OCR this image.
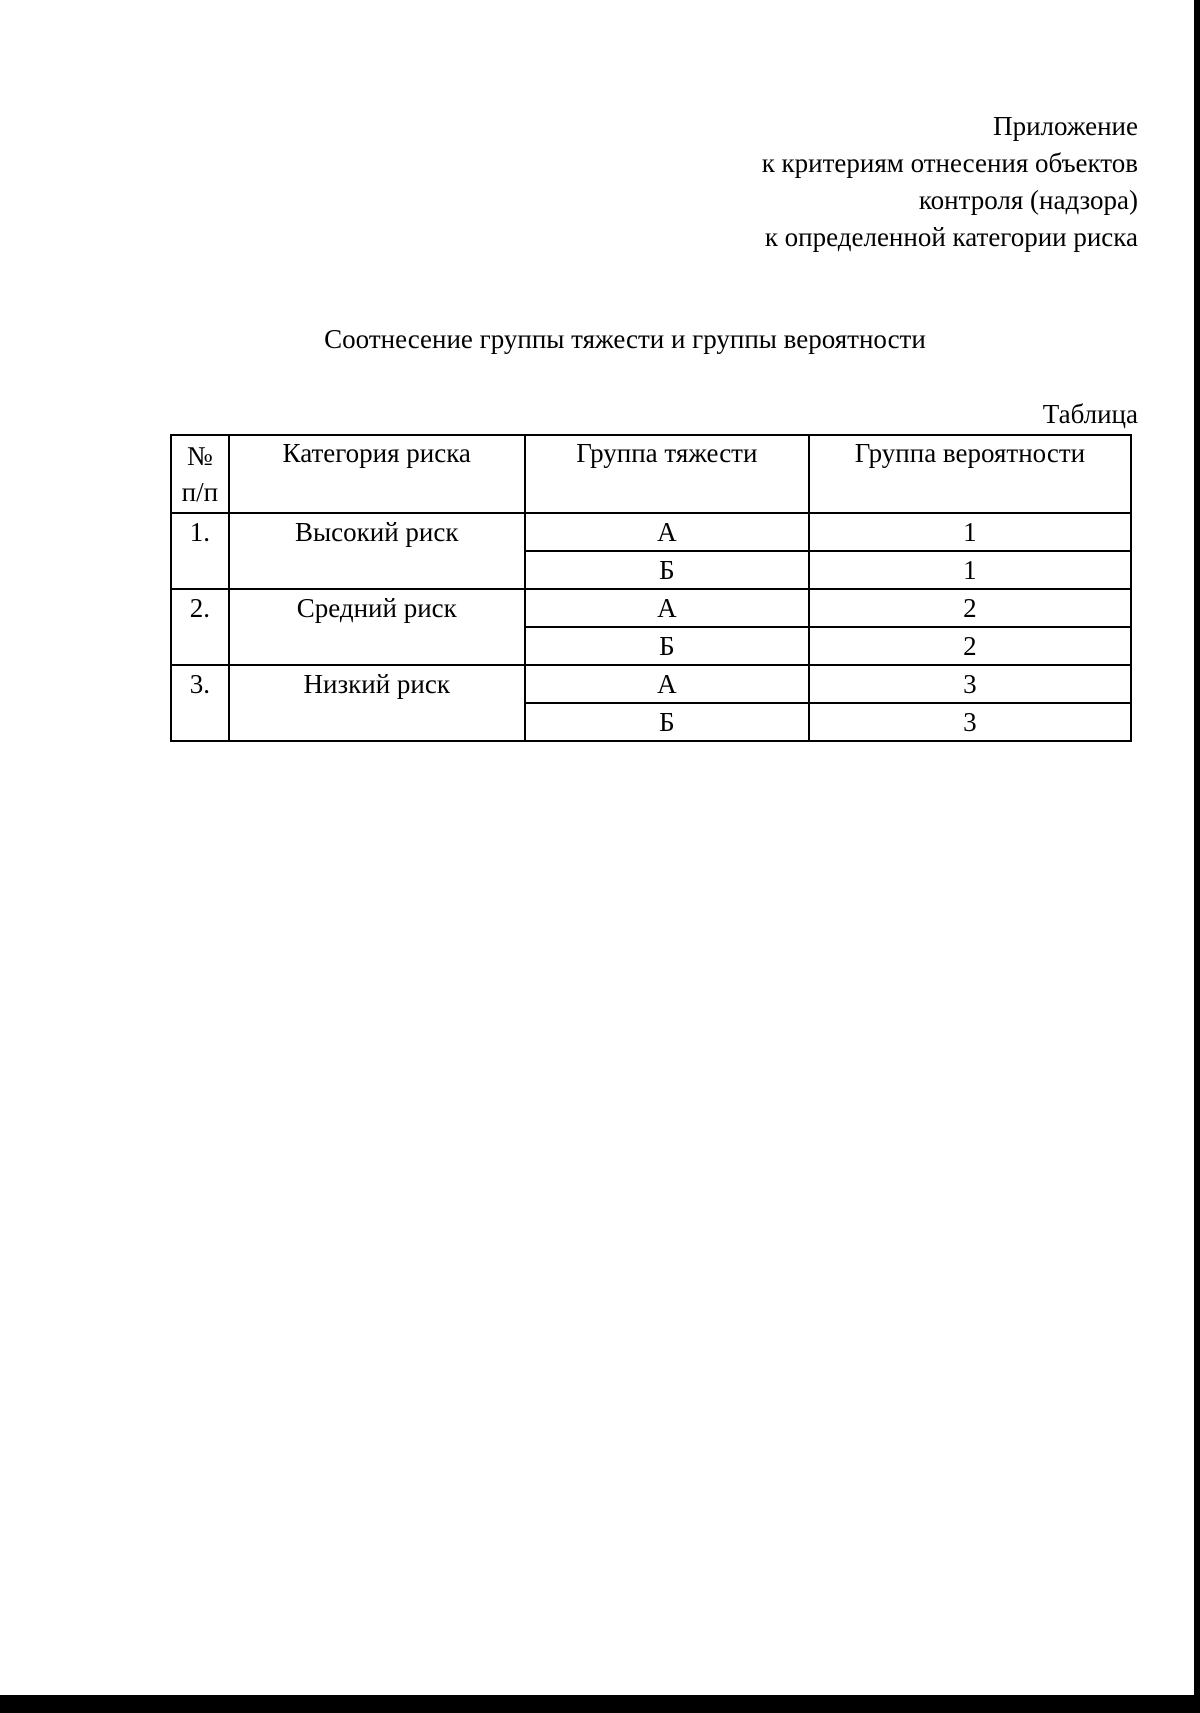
Приложение
к критериям отнесения объектов
контроля (надзора)
к определенной категории риска
Соотнесение группы тяжести и группы вероятности
Таблица
№
п/п	Категория риска	Группа тяжести	Группа вероятности
1.	Высокий риск	А	1
		Б	1
2.	Средний риск	А	2
		Б	2
3.	Низкий риск	А	3
		Б	3
